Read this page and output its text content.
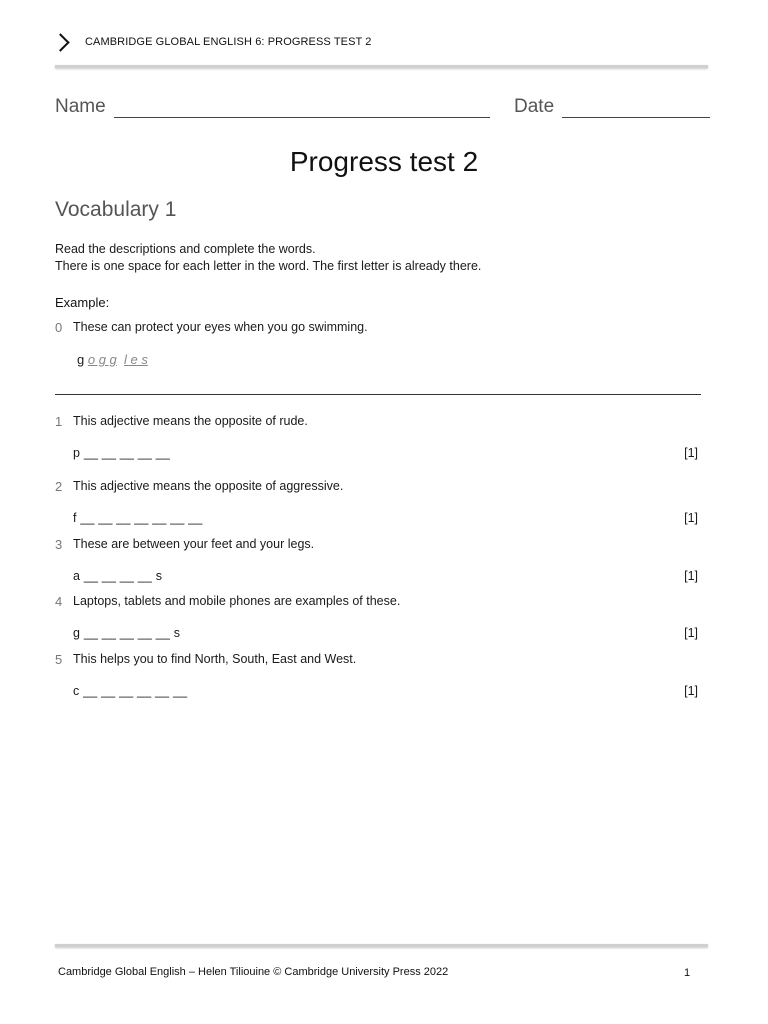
CAMBRIDGE GLOBAL ENGLISH 6: PROGRESS TEST 2
Name	Date
Progress test 2
Vocabulary 1
Read the descriptions and complete the words.
There is one space for each letter in the word. The first letter is already there.
Example:
0 These can protect your eyes when you go swimming.
g o g g l e s
1 This adjective means the opposite of rude.
p __ __ __ __ __	[1]
2 This adjective means the opposite of aggressive.
f __ __ __ __ __ __ __	[1]
3 These are between your feet and your legs.
a __ __ __ __ s	[1]
4 Laptops, tablets and mobile phones are examples of these.
g __ __ __ __ __ s	[1]
5 This helps you to find North, South, East and West.
c __ __ __ __ __ __	[1]
Cambridge Global English – Helen Tiliouine © Cambridge University Press 2022	1
